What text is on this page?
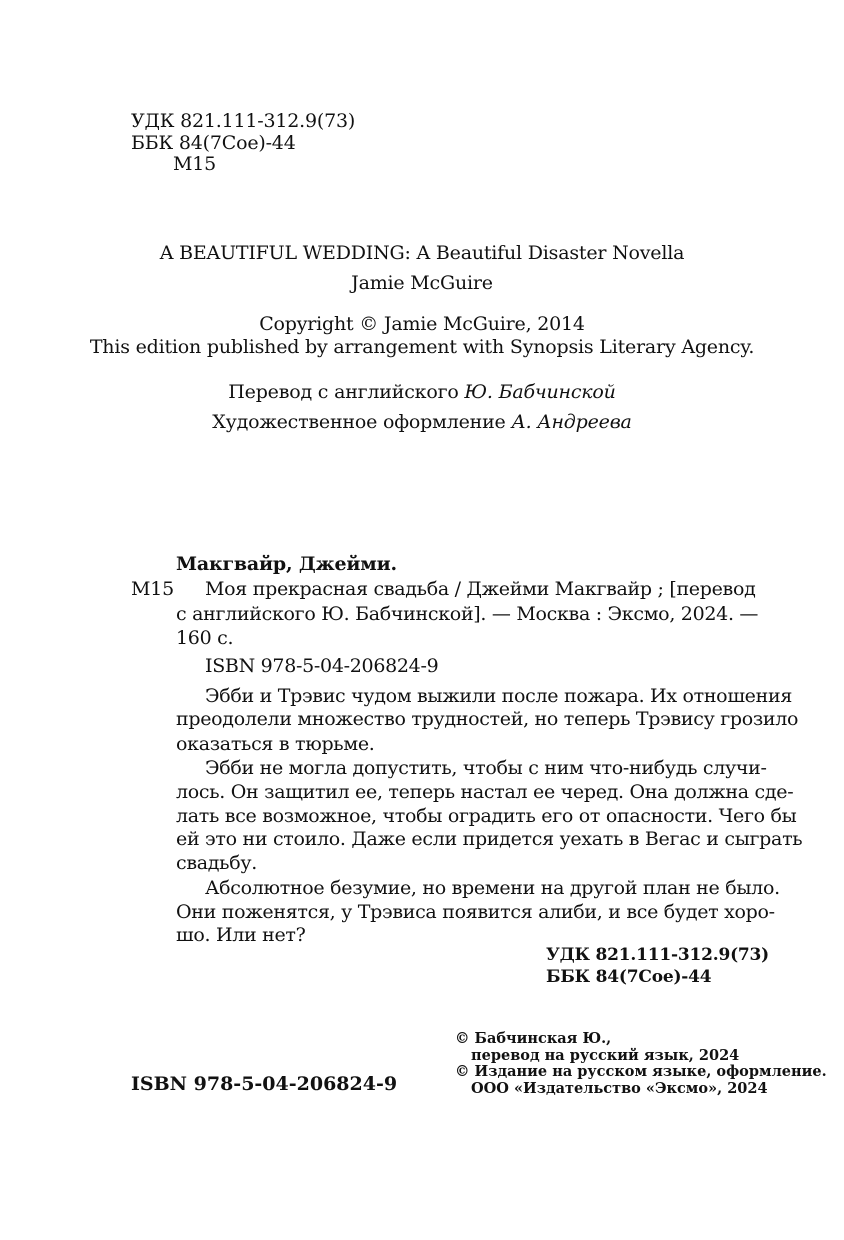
УДК 821.111-312.9(73)
ББК 84(7Сое)-44
М15
A BEAUTIFUL WEDDING: A Beautiful Disaster Novella
Jamie McGuire
Copyright © Jamie McGuire, 2014
This edition published by arrangement with Synopsis Literary Agency.
Перевод с английского Ю. Бабчинской
Художественное оформление А. Андреева
Макгвайр, Джейми.
М15 Моя прекрасная свадьба / Джейми Макгвайр ; [перевод
с английского Ю. Бабчинской]. — Москва : Эксмо, 2024. —
160 с.
ISBN 978-5-04-206824-9
Эбби и Трэвис чудом выжили после пожара. Их отношения
преодолели множество трудностей, но теперь Трэвису грозило
оказаться в тюрьме.
Эбби не могла допустить, чтобы с ним что-нибудь случи-
лось. Он защитил ее, теперь настал ее черед. Она должна сде-
лать все возможное, чтобы оградить его от опасности. Чего бы
ей это ни стоило. Даже если придется уехать в Вегас и сыграть
свадьбу.
Абсолютное безумие, но времени на другой план не было.
Они поженятся, у Трэвиса появится алиби, и все будет хоро-
шо. Или нет?
УДК 821.111-312.9(73)
ББК 84(7Сое)-44
© Бабчинская Ю.,
перевод на русский язык, 2024
© Издание на русском языке, оформление.
ООО «Издательство «Эксмо», 2024
ISBN 978-5-04-206824-9
